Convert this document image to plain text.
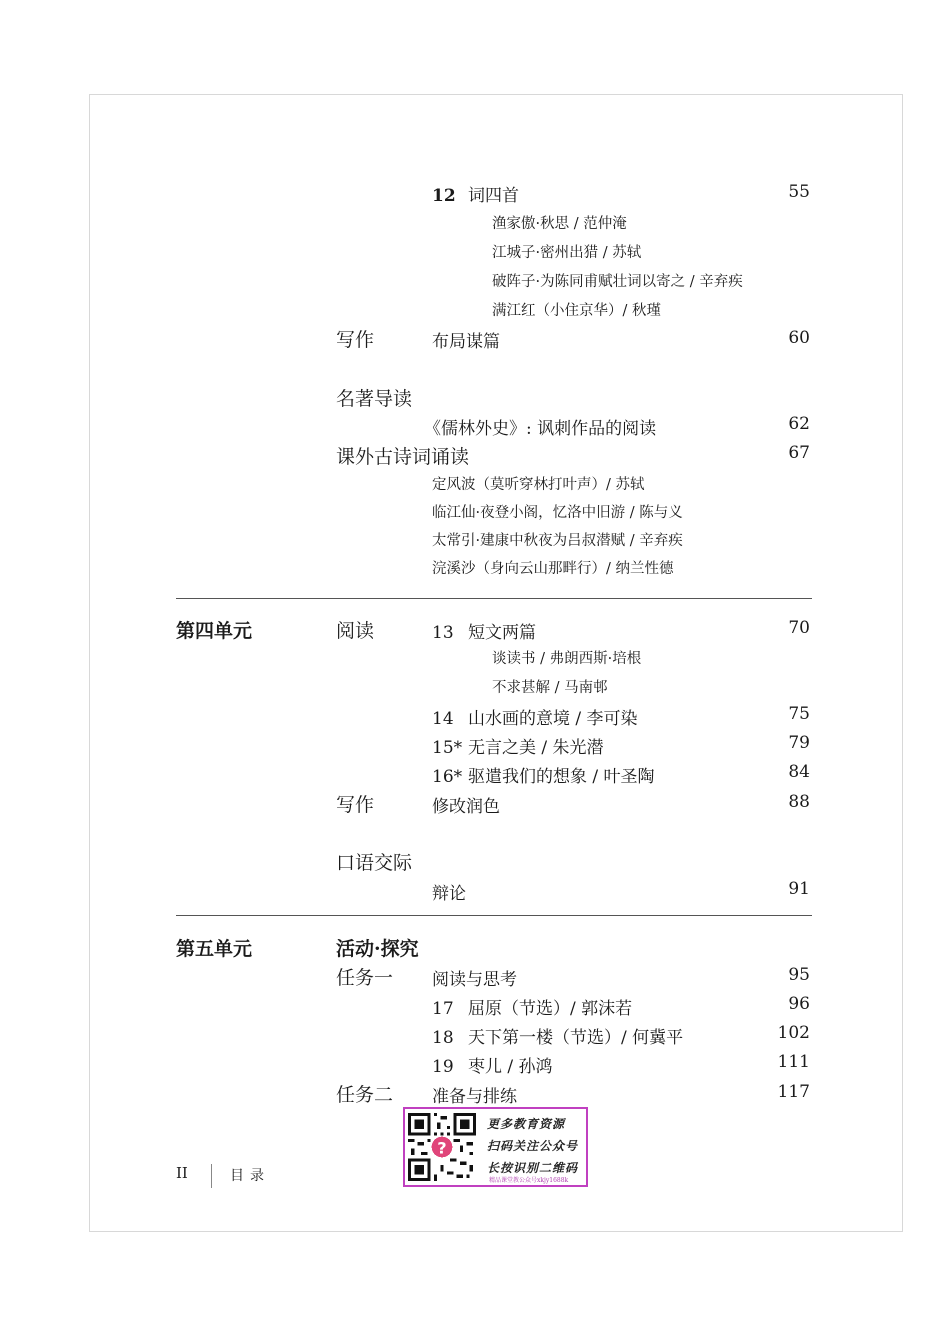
12 词四首	55
渔家傲·秋思 / 范仲淹
江城子·密州出猎 / 苏轼
破阵子·为陈同甫赋壮词以寄之 / 辛弃疾
满江红（小住京华）/ 秋瑾
写作	布局谋篇	60
名著导读
《儒林外史》: 讽刺作品的阅读	62
课外古诗词诵读	67
定风波（莫听穿林打叶声）/ 苏轼
临江仙·夜登小阁，忆洛中旧游 / 陈与义
太常引·建康中秋夜为吕叔潜赋 / 辛弃疾
浣溪沙（身向云山那畔行）/ 纳兰性德
第四单元	阅读	13 短文两篇	70
谈读书 / 弗朗西斯·培根
不求甚解 / 马南邨
14 山水画的意境 / 李可染	75
15* 无言之美 / 朱光潜	79
16* 驱遣我们的想象 / 叶圣陶	84
写作	修改润色	88
口语交际
辩论	91
第五单元	活动·探究
任务一 阅读与思考	95
17 屈原（节选）/ 郭沫若	96
18 天下第一楼（节选）/ 何冀平	102
19 枣儿 / 孙鸿	111
任务二 准备与排练	117
II	目录
?
更多教育资源
扫码关注公众号
长按识别二维码
精品课堂教公众号xkjy1688k
